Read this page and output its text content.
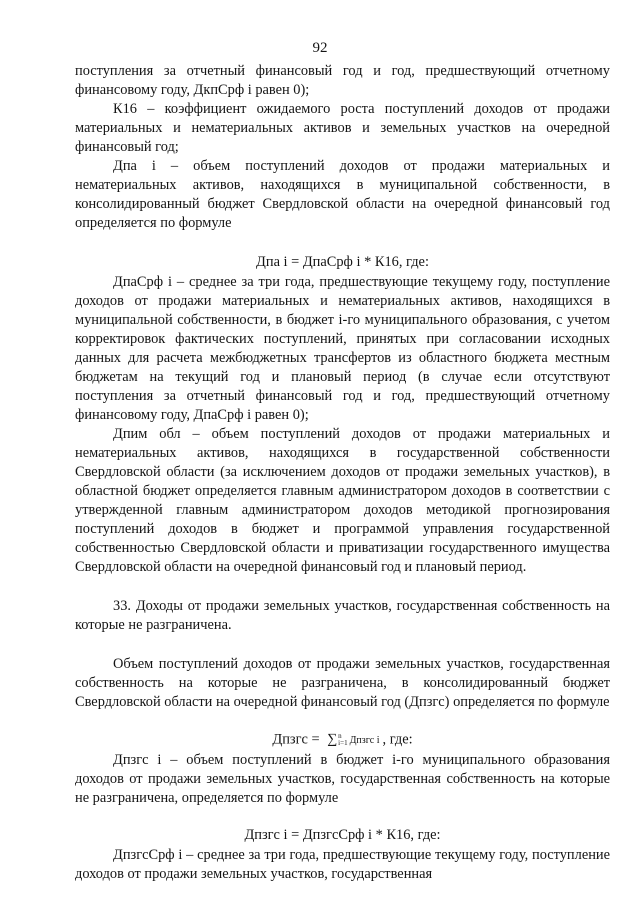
92

поступления за отчетный финансовый год и год, предшествующий отчетному финансовому году, ДкпСрф i равен 0);

К16 – коэффициент ожидаемого роста поступлений доходов от продажи материальных и нематериальных активов и земельных участков на очередной финансовый год;

Дпа i – объем поступлений доходов от продажи материальных и нематериальных активов, находящихся в муниципальной собственности, в консолидированный бюджет Свердловской области на очередной финансовый год определяется по формуле

Дпа i = ДпаСрф i * К16, где:

ДпаСрф i – среднее за три года, предшествующие текущему году, поступление доходов от продажи материальных и нематериальных активов, находящихся в муниципальной собственности, в бюджет i-го муниципального образования, с учетом корректировок фактических поступлений, принятых при согласовании исходных данных для расчета межбюджетных трансфертов из областного бюджета местным бюджетам на текущий год и плановый период (в случае если отсутствуют поступления за отчетный финансовый год и год, предшествующий отчетному финансовому году, ДпаСрф i равен 0);

Дпим обл – объем поступлений доходов от продажи материальных и нематериальных активов, находящихся в государственной собственности Свердловской области (за исключением доходов от продажи земельных участков), в областной бюджет определяется главным администратором доходов в соответствии с утвержденной главным администратором доходов методикой прогнозирования поступлений доходов в бюджет и программой управления государственной собственностью Свердловской области и приватизации государственного имущества Свердловской области на очередной финансовый год и плановый период.

33. Доходы от продажи земельных участков, государственная собственность на которые не разграничена.

Объем поступлений доходов от продажи земельных участков, государственная собственность на которые не разграничена, в консолидированный бюджет Свердловской области на очередной финансовый год (Дпзгс) определяется по формуле

Дпзгс = ∑n
i=1 Дпзгс i , где:

Дпзгс i – объем поступлений в бюджет i-го муниципального образования доходов от продажи земельных участков, государственная собственность на которые не разграничена, определяется по формуле

Дпзгс i = ДпзгсСрф i * К16, где:

ДпзгсСрф i – среднее за три года, предшествующие текущему году, поступление доходов от продажи земельных участков, государственная
